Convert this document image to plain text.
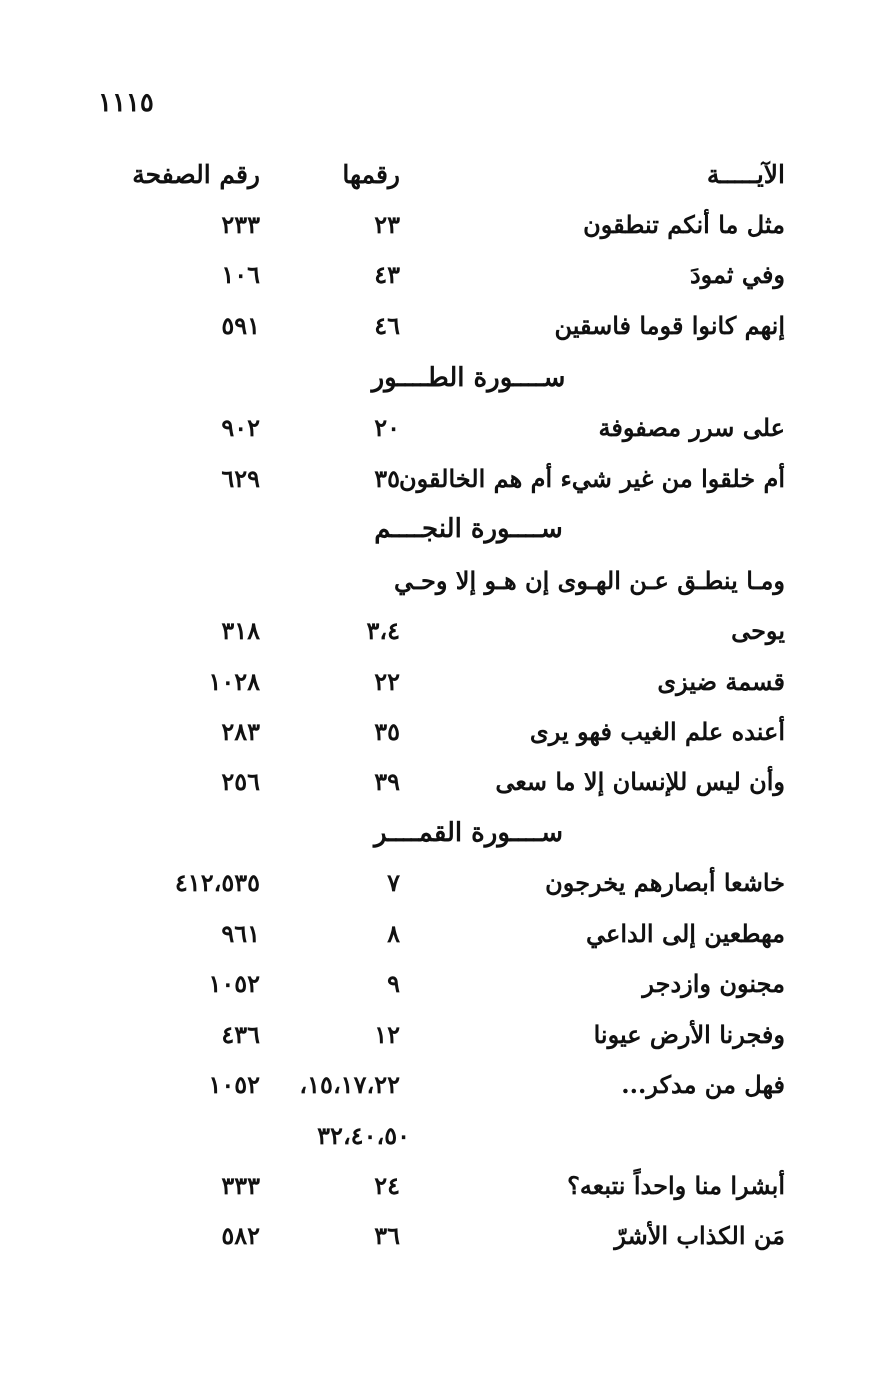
١١١٥
الآيـــــة
رقمها
رقم الصفحة
مثل ما أنكم تنطقون
٢٣
٢٣٣
وفي ثمودَ
٤٣
١٠٦
إنهم كانوا قوما فاسقين
٤٦
٥٩١
ســــورة الطــــور
على سرر مصفوفة
٢٠
٩٠٢
أم خلقوا من غير شيء أم هم الخالقون
٣٥
٦٢٩
ســــورة النجــــم
ومـا ينطـق عـن الهـوى إن هـو إلا وحـي
يوحى
٣،٤
٣١٨
قسمة ضيزى
٢٢
١٠٢٨
أعنده علم الغيب فهو يرى
٣٥
٢٨٣
وأن ليس للإنسان إلا ما سعى
٣٩
٢٥٦
ســــورة القمــــر
خاشعا أبصارهم يخرجون
٧
٤١٢،٥٣٥
مهطعين إلى الداعي
٨
٩٦١
مجنون وازدجر
٩
١٠٥٢
وفجرنا الأرض عيونا
١٢
٤٣٦
فهل من مدكر...
١٥،١٧،٢٢،
١٠٥٢
٣٢،٤٠،٥٠
أبشرا منا واحداً نتبعه؟
٢٤
٣٣٣
مَن الكذاب الأشرّ
٣٦
٥٨٢
